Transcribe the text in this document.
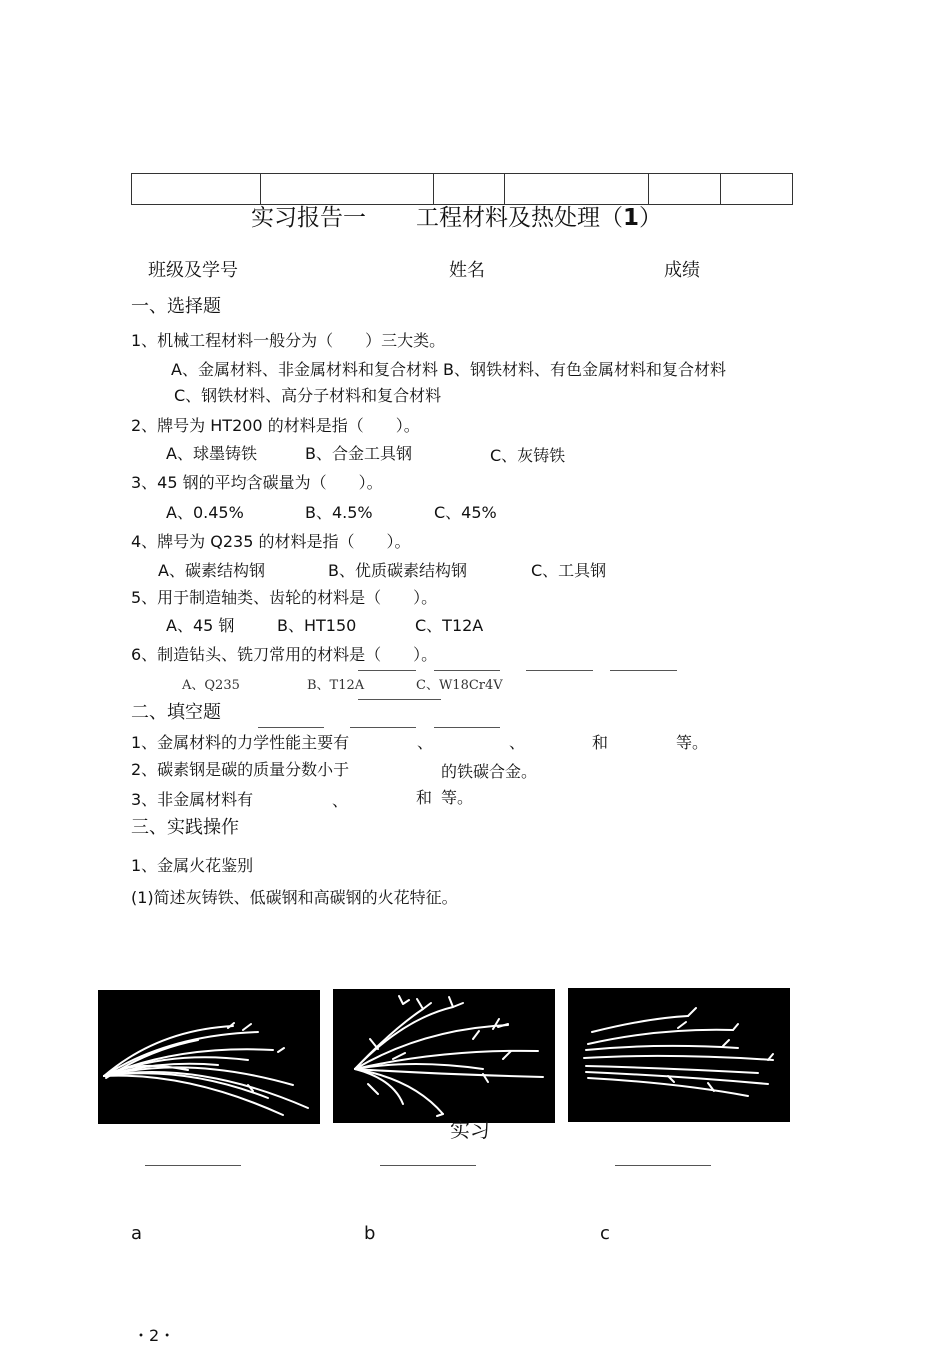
实习报告一 工程材料及热处理（1）
班级及学号	姓名	成绩
一、选择题
1、机械工程材料一般分为（　　）三大类。
A、金属材料、非金属材料和复合材料 B、钢铁材料、有色金属材料和复合材料
C、钢铁材料、高分子材料和复合材料
2、牌号为 HT200 的材料是指（　　）。
A、球墨铸铁	B、合金工具钢	C、灰铸铁
3、45 钢的平均含碳量为（　　）。
A、0.45%	B、4.5%	C、45%
4、牌号为 Q235 的材料是指（　　）。
A、碳素结构钢	B、优质碳素结构钢	C、工具钢
5、用于制造轴类、齿轮的材料是（　　）。
A、45 钢	B、HT150	C、T12A
6、制造钻头、铣刀常用的材料是（　　）。
A、Q235	B、T12A	C、W18Cr4V
二、填空题
1、金属材料的力学性能主要有	、	、	和	等。
2、碳素钢是碳的质量分数小于	的铁碳合金。
3、非金属材料有	、	和 等。
三、实践操作
1、金属火花鉴别
(1)简述灰铸铁、低碳钢和高碳钢的火花特征。
实习
a	b	c
・2・
